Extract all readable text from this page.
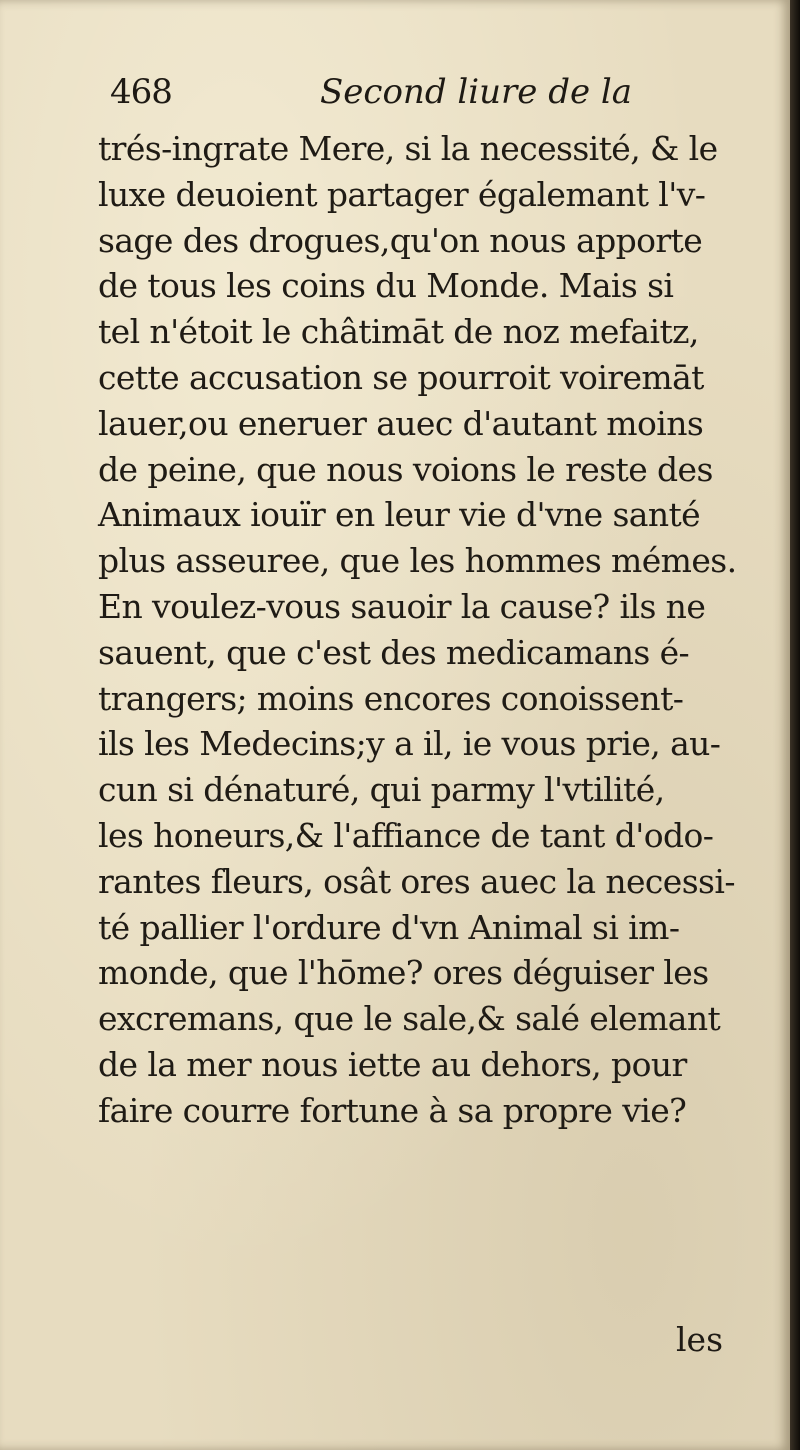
468	Second liure de la
trés-ingrate Mere, si la necessité, & le
luxe deuoient partager égalemant l'v-
sage des drogues,qu'on nous apporte
de tous les coins du Monde. Mais si
tel n'étoit le châtimāt de noz mefaitz,
cette accusation se pourroit voiremāt
lauer,ou eneruer auec d'autant moins
de peine, que nous voions le reste des
Animaux iouïr en leur vie d'vne santé
plus asseuree, que les hommes mémes.
En voulez-vous sauoir la cause? ils ne
sauent, que c'est des medicamans é-
trangers; moins encores conoissent-
ils les Medecins;y a il, ie vous prie, au-
cun si dénaturé, qui parmy l'vtilité,
les honeurs,& l'affiance de tant d'odo-
rantes fleurs, osât ores auec la necessi-
té pallier l'ordure d'vn Animal si im-
monde, que l'hōme? ores déguiser les
excremans, que le sale,& salé elemant
de la mer nous iette au dehors, pour
faire courre fortune à sa propre vie?
les
